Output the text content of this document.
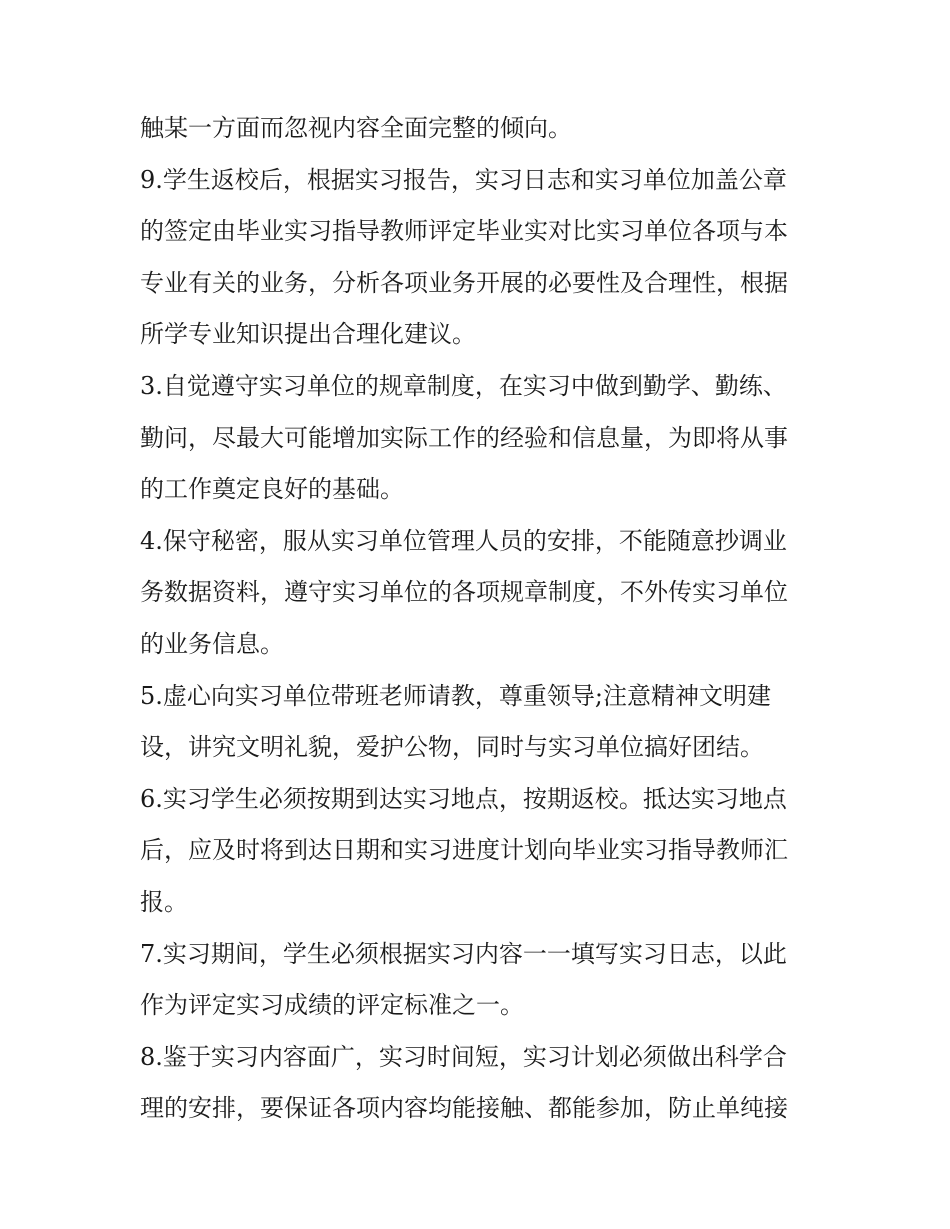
触某一方面而忽视内容全面完整的倾向。
9.学生返校后，根据实习报告，实习日志和实习单位加盖公章
的签定由毕业实习指导教师评定毕业实对比实习单位各项与本
专业有关的业务，分析各项业务开展的必要性及合理性，根据
所学专业知识提出合理化建议。
3.自觉遵守实习单位的规章制度，在实习中做到勤学、勤练、
勤问，尽最大可能增加实际工作的经验和信息量，为即将从事
的工作奠定良好的基础。
4.保守秘密，服从实习单位管理人员的安排，不能随意抄调业
务数据资料，遵守实习单位的各项规章制度，不外传实习单位
的业务信息。
5.虚心向实习单位带班老师请教，尊重领导;注意精神文明建
设，讲究文明礼貌，爱护公物，同时与实习单位搞好团结。
6.实习学生必须按期到达实习地点，按期返校。抵达实习地点
后，应及时将到达日期和实习进度计划向毕业实习指导教师汇
报。
7.实习期间，学生必须根据实习内容一一填写实习日志，以此
作为评定实习成绩的评定标准之一。
8.鉴于实习内容面广，实习时间短，实习计划必须做出科学合
理的安排，要保证各项内容均能接触、都能参加，防止单纯接
